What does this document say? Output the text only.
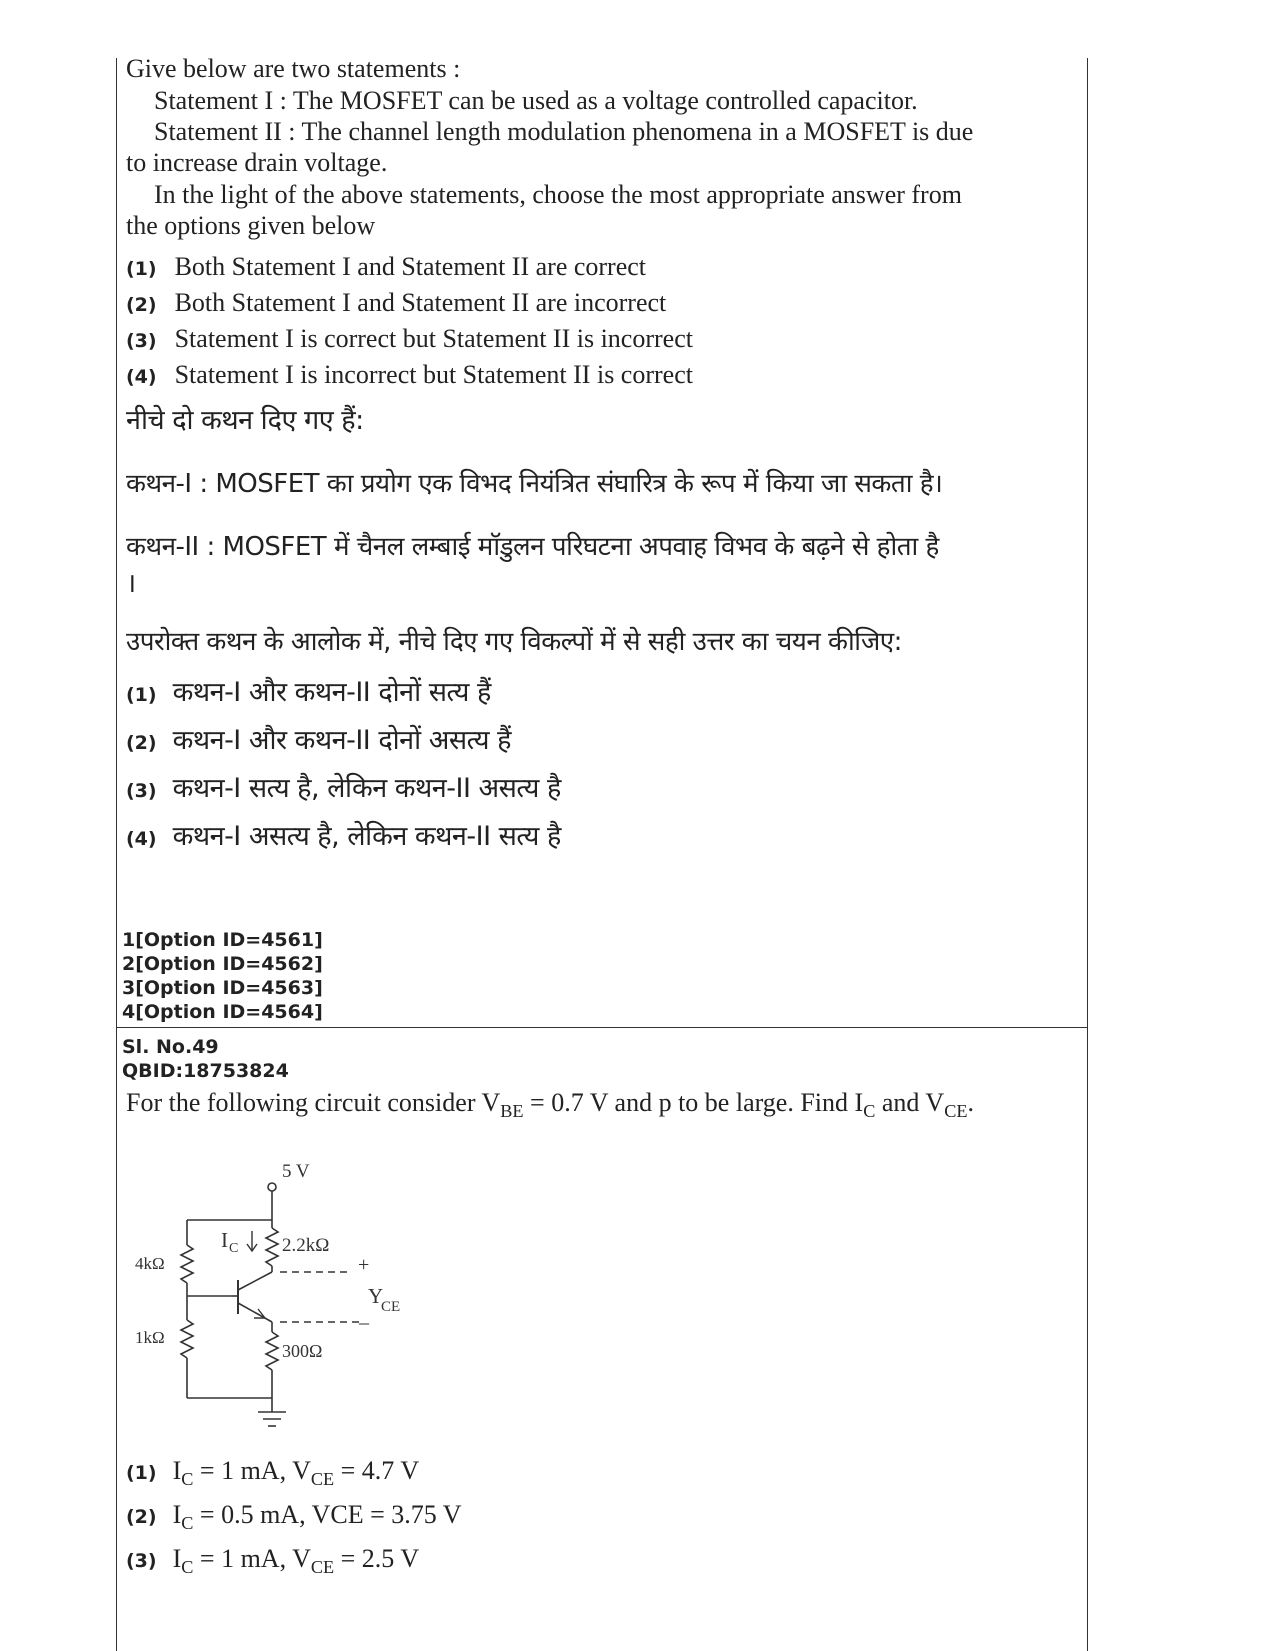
Give below are two statements :
Statement I : The MOSFET can be used as a voltage controlled capacitor.
Statement II : The channel length modulation phenomena in a MOSFET is due
to increase drain voltage.
In the light of the above statements, choose the most appropriate answer from
the options given below
(1) Both Statement I and Statement II are correct
(2) Both Statement I and Statement II are incorrect
(3) Statement I is correct but Statement II is incorrect
(4) Statement I is incorrect but Statement II is correct
नीचे दो कथन दिए गए हैं:
कथन-I : MOSFET का प्रयोग एक विभद नियंत्रित संघारित्र के रूप में किया जा सकता है।
कथन-II : MOSFET में चैनल लम्बाई मॉडुलन परिघटना अपवाह विभव के बढ़ने से होता है
।
उपरोक्त कथन के आलोक में, नीचे दिए गए विकल्पों में से सही उत्तर का चयन कीजिए:
(1) कथन-I और कथन-II दोनों सत्य हैं
(2) कथन-I और कथन-II दोनों असत्य हैं
(3) कथन-I सत्य है, लेकिन कथन-II असत्य है
(4) कथन-I असत्य है, लेकिन कथन-II सत्य है
1[Option ID=4561]
2[Option ID=4562]
3[Option ID=4563]
4[Option ID=4564]
Sl. No.49
QBID:18753824
For the following circuit consider $V_{BE} = 0.7$ V and p to be large. Find $I_C$ and $V_{CE}$.
5 V
4kΩ
1kΩ
2.2kΩ
300Ω
I C
+
_
Y
CE
(1) $I_C = 1$ mA, $V_{CE} = 4.7$ V
(2) $I_C = 0.5$ mA, VCE = 3.75 V
(3) $I_C = 1$ mA, $V_{CE} = 2.5$ V
